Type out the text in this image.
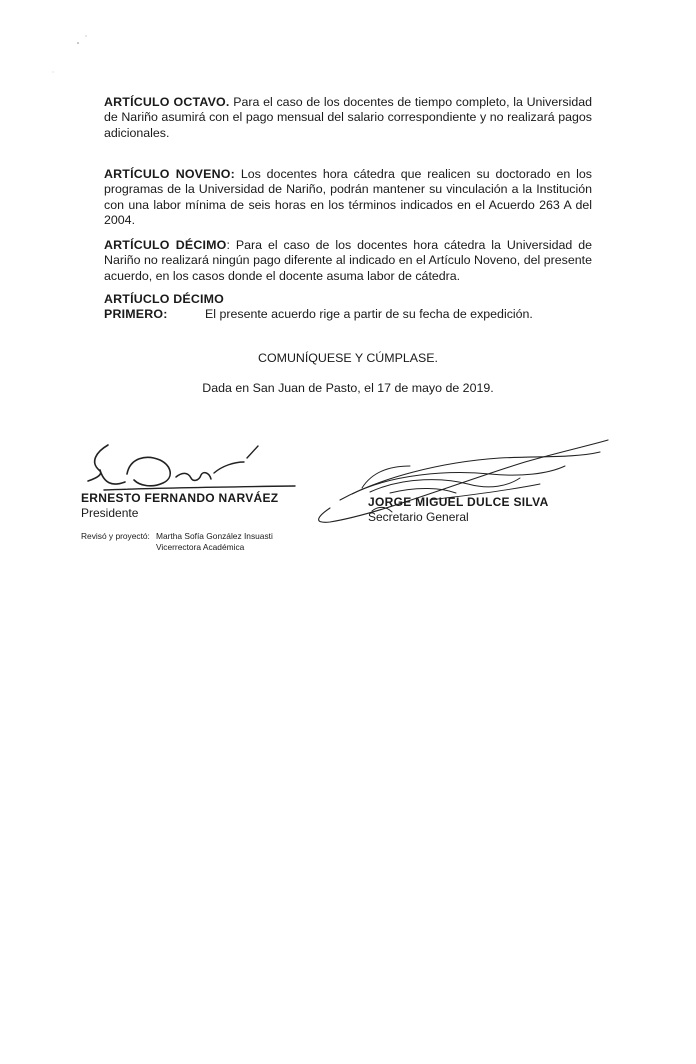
ARTÍCULO OCTAVO. Para el caso de los docentes de tiempo completo, la Universidad de Nariño asumirá con el pago mensual del salario correspondiente y no realizará pagos adicionales.
ARTÍCULO NOVENO: Los docentes hora cátedra que realicen su doctorado en los programas de la Universidad de Nariño, podrán mantener su vinculación a la Institución con una labor mínima de seis horas en los términos indicados en el Acuerdo 263 A del 2004.
ARTÍCULO DÉCIMO: Para el caso de los docentes hora cátedra la Universidad de Nariño no realizará ningún pago diferente al indicado en el Artículo Noveno, del presente acuerdo, en los casos donde el docente asuma labor de cátedra.
ARTÍUCLO DÉCIMO
PRIMERO:	El presente acuerdo rige a partir de su fecha de expedición.
COMUNÍQUESE Y CÚMPLASE.
Dada en San Juan de Pasto, el 17 de mayo de 2019.
ERNESTO FERNANDO NARVÁEZ
Presidente
JORGE MIGUEL DULCE SILVA
Secretario General
Revisó y proyectó: Martha Sofía González Insuasti
Vicerrectora Académica
